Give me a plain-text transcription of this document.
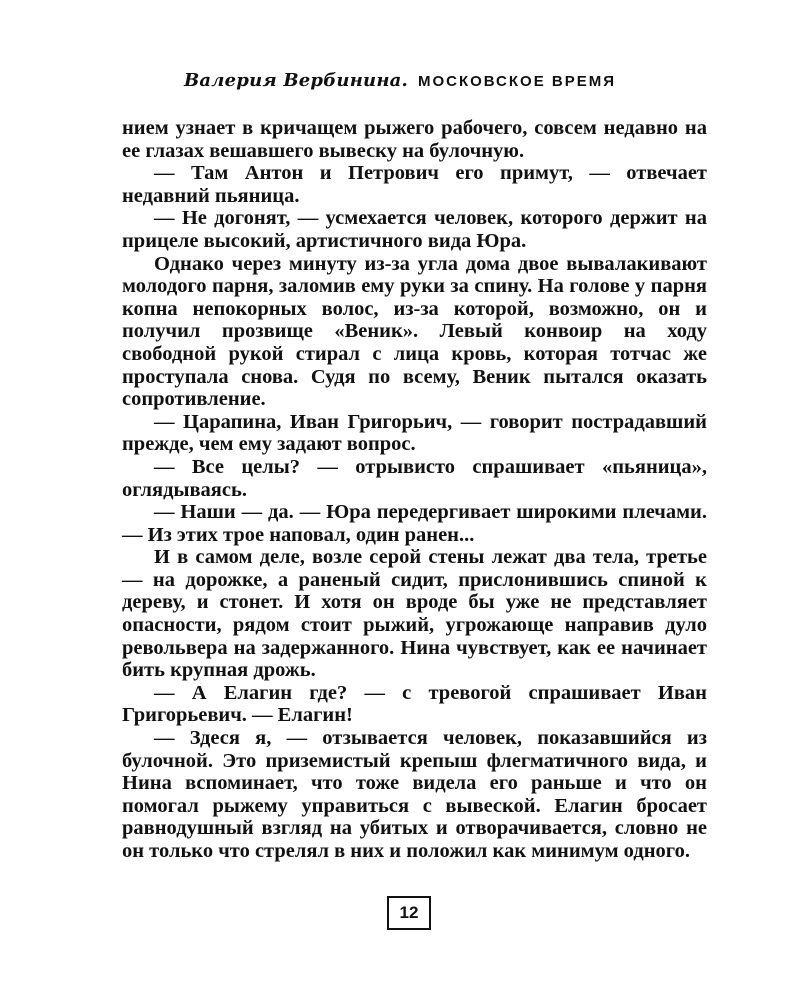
Валерия Вербинина. МОСКОВСКОЕ ВРЕМЯ

нием узнает в кричащем рыжего рабочего, совсем недавно на ее глазах вешавшего вывеску на булочную.

— Там Антон и Петрович его примут, — отвечает недавний пьяница.

— Не догонят, — усмехается человек, которого держит на прицеле высокий, артистичного вида Юра.

Однако через минуту из-за угла дома двое вывалакивают молодого парня, заломив ему руки за спину. На голове у парня копна непокорных волос, из-за которой, возможно, он и получил прозвище «Веник». Левый конвоир на ходу свободной рукой стирал с лица кровь, которая тотчас же проступала снова. Судя по всему, Веник пытался оказать сопротивление.

— Царапина, Иван Григорьич, — говорит пострадавший прежде, чем ему задают вопрос.

— Все целы? — отрывисто спрашивает «пьяница», оглядываясь.

— Наши — да. — Юра передергивает широкими плечами. — Из этих трое наповал, один ранен...

И в самом деле, возле серой стены лежат два тела, третье — на дорожке, а раненый сидит, прислонившись спиной к дереву, и стонет. И хотя он вроде бы уже не представляет опасности, рядом стоит рыжий, угрожающе направив дуло револьвера на задержанного. Нина чувствует, как ее начинает бить крупная дрожь.

— А Елагин где? — с тревогой спрашивает Иван Григорьевич. — Елагин!

— Здеся я, — отзывается человек, показавшийся из булочной. Это приземистый крепыш флегматичного вида, и Нина вспоминает, что тоже видела его раньше и что он помогал рыжему управиться с вывеской. Елагин бросает равнодушный взгляд на убитых и отворачивается, словно не он только что стрелял в них и положил как минимум одного.

12
